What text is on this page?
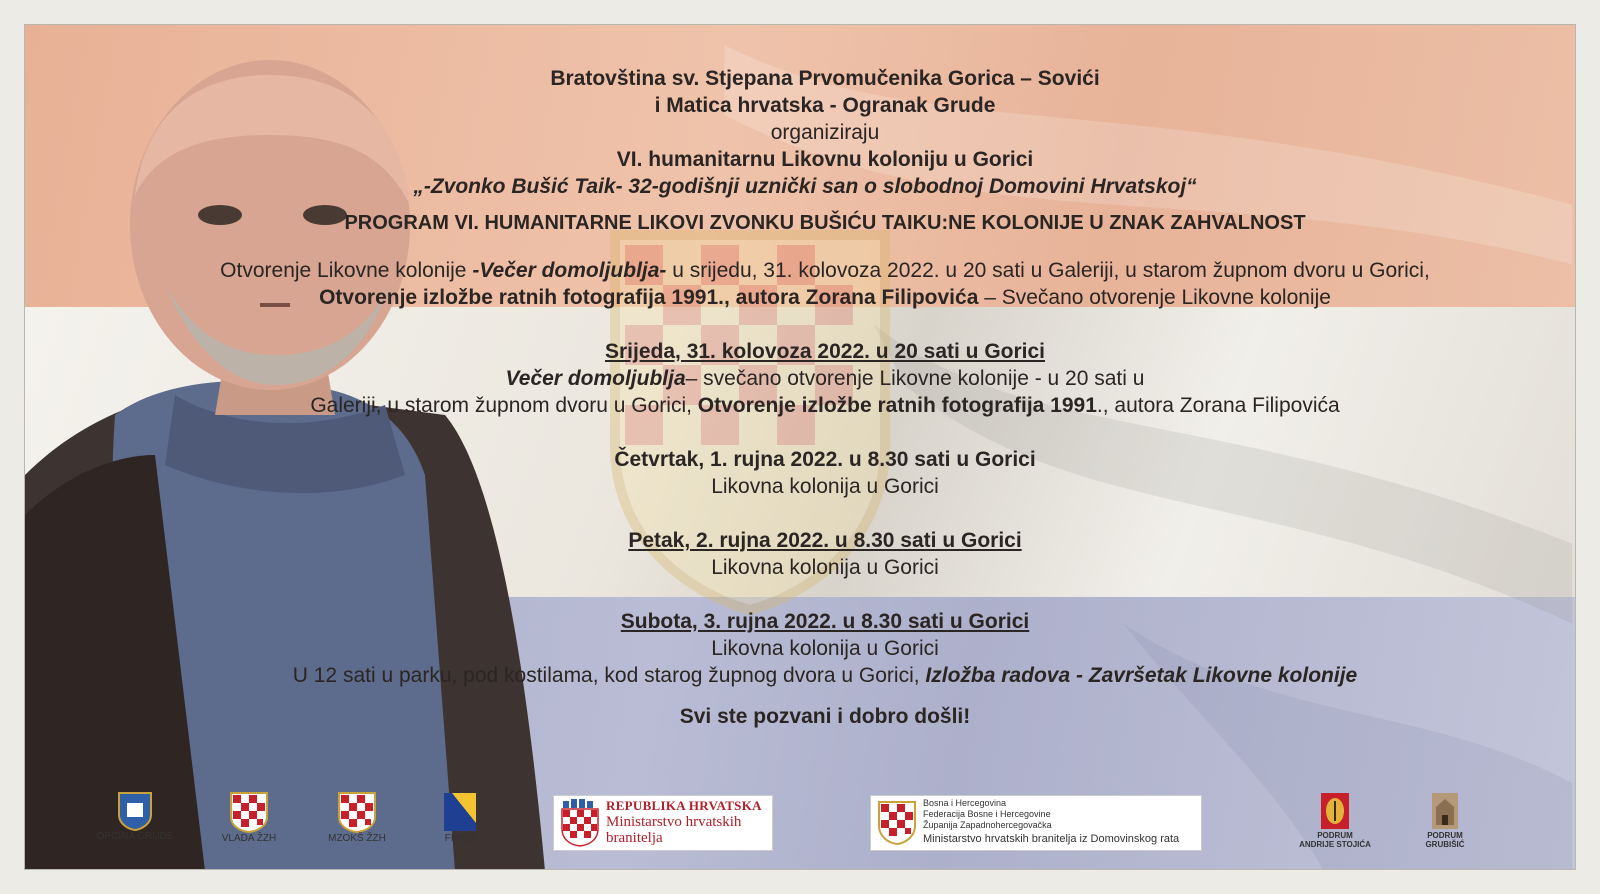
Bratovština sv. Stjepana Prvomučenika Gorica – Sovići
i Matica hrvatska - Ogranak Grude
organiziraju
VI. humanitarnu Likovnu koloniju u Gorici
„-Zvonko Bušić Taik- 32-godišnji uznički san o slobodnoj Domovini Hrvatskoj“
PROGRAM VI. HUMANITARNE LIKOVI ZVONKU BUŠIĆU TAIKU:NE KOLONIJE U ZNAK ZAHVALNOST
Otvorenje Likovne kolonije -Večer domoljublja- u srijedu, 31. kolovoza 2022. u 20 sati u Galeriji, u starom župnom dvoru u Gorici,
Otvorenje izložbe ratnih fotografija 1991., autora Zorana Filipovića – Svečano otvorenje Likovne kolonije
Srijeda, 31. kolovoza 2022. u 20 sati u Gorici
Večer domoljublja– svečano otvorenje Likovne kolonije - u 20 sati u
Galeriji, u starom župnom dvoru u Gorici, Otvorenje izložbe ratnih fotografija 1991., autora Zorana Filipovića
Četvrtak, 1. rujna 2022. u 8.30 sati u Gorici
Likovna kolonija u Gorici
Petak, 2. rujna 2022. u 8.30 sati u Gorici
Likovna kolonija u Gorici
Subota, 3. rujna 2022. u 8.30 sati u Gorici
Likovna kolonija u Gorici
U 12 sati u parku, pod kostilama, kod starog župnog dvora u Gorici, Izložba radova - Završetak Likovne kolonije
Svi ste pozvani i dobro došli!
OPĆINA GRUDE	VLADA ŽZH	MZOKŠ ŽZH	FMKIS
REPUBLIKA HRVATSKA
Ministarstvo hrvatskih
branitelja
Bosna i Hercegovina
Federacija Bosne i Hercegovine
Županija Zapadnohercegovačka
Ministarstvo hrvatskih branitelja iz Domovinskog rata	PODRUM
ANDRIJE STOJIĆA
PODRUM
GRUBIŠIĆ
